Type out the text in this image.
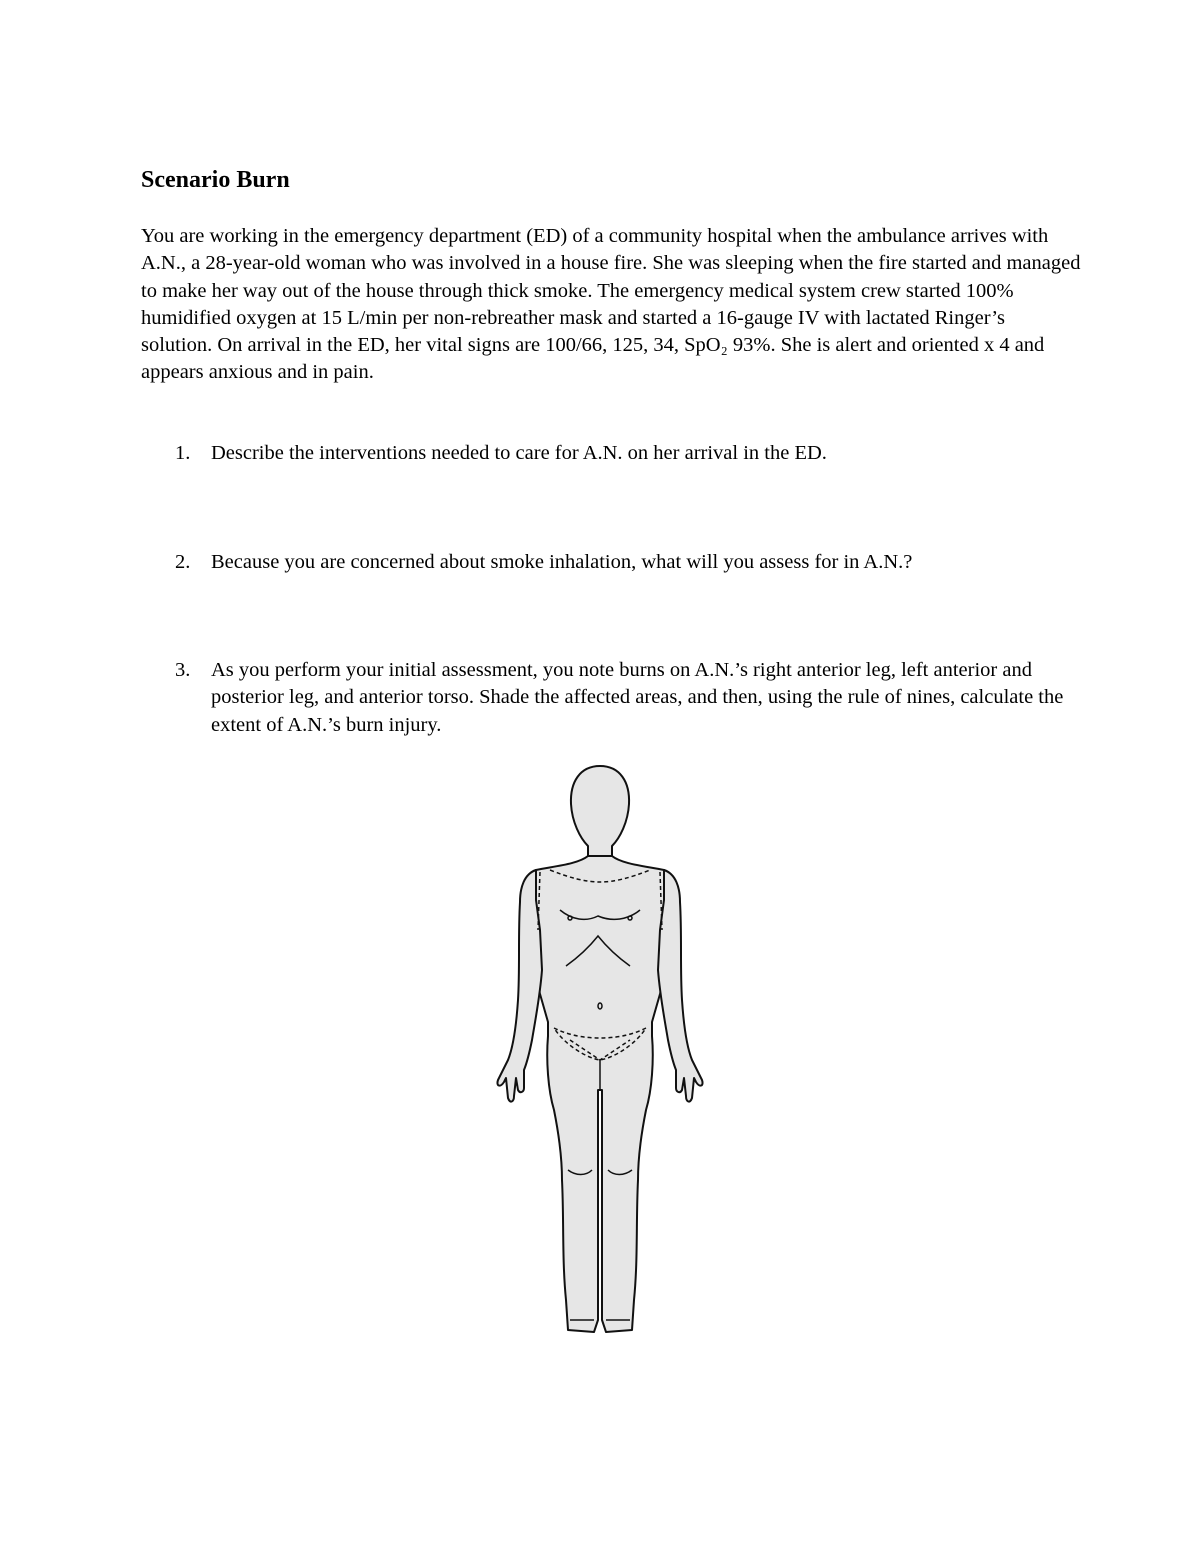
Scenario Burn

You are working in the emergency department (ED) of a community hospital when the ambulance arrives with A.N., a 28-year-old woman who was involved in a house fire. She was sleeping when the fire started and managed to make her way out of the house through thick smoke. The emergency medical system crew started 100% humidified oxygen at 15 L/min per non-rebreather mask and started a 16-gauge IV with lactated Ringer’s solution. On arrival in the ED, her vital signs are 100/66, 125, 34, SpO₂ 93%. She is alert and oriented x 4 and appears anxious and in pain.

1. Describe the interventions needed to care for A.N. on her arrival in the ED.
2. Because you are concerned about smoke inhalation, what will you assess for in A.N.?
3. As you perform your initial assessment, you note burns on A.N.’s right anterior leg, left anterior and posterior leg, and anterior torso. Shade the affected areas, and then, using the rule of nines, calculate the extent of A.N.’s burn injury.
